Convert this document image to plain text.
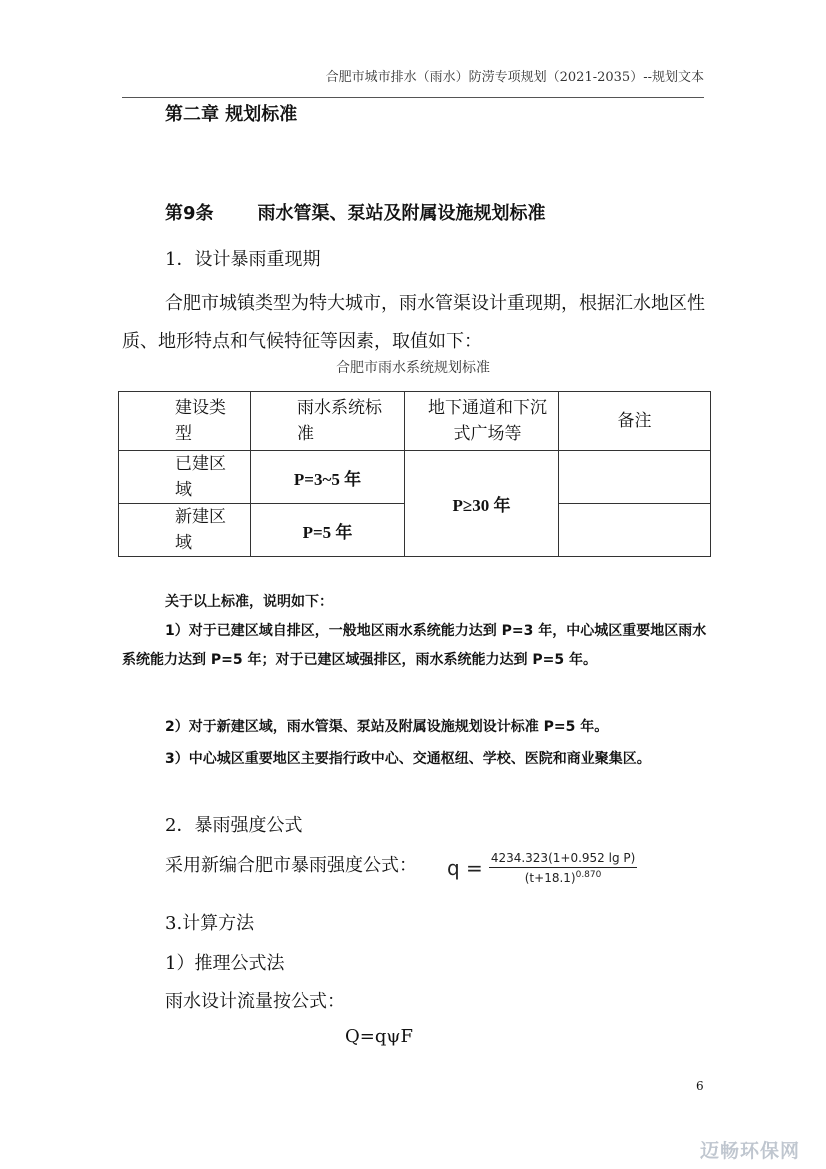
合肥市城市排水（雨水）防涝专项规划（2021-2035）--规划文本
第二章 规划标准
第9条 雨水管渠、泵站及附属设施规划标准
1．设计暴雨重现期
合肥市城镇类型为特大城市，雨水管渠设计重现期，根据汇水地区性质、地形特点和气候特征等因素，取值如下：
合肥市雨水系统规划标准
建设类型	雨水系统标准	地下通道和下沉式广场等	备注

已建区域	P=3~5 年	P≥30 年	

新建区域	P=5 年		
关于以上标准，说明如下：
1）对于已建区域自排区，一般地区雨水系统能力达到 P=3 年，中心城区重要地区雨水系统能力达到 P=5 年；对于已建区域强排区，雨水系统能力达到 P=5 年。
2）对于新建区域，雨水管渠、泵站及附属设施规划设计标准 P=5 年。
3）中心城区重要地区主要指行政中心、交通枢纽、学校、医院和商业聚集区。
2．暴雨强度公式
采用新编合肥市暴雨强度公式： $q = \frac{\text{4234.323(1+0.952 lg P)}}{(t+18.1)^{0.870}}$
3.计算方法
1）推理公式法
雨水设计流量按公式：
Q=qψF
6
迈畅环保网
